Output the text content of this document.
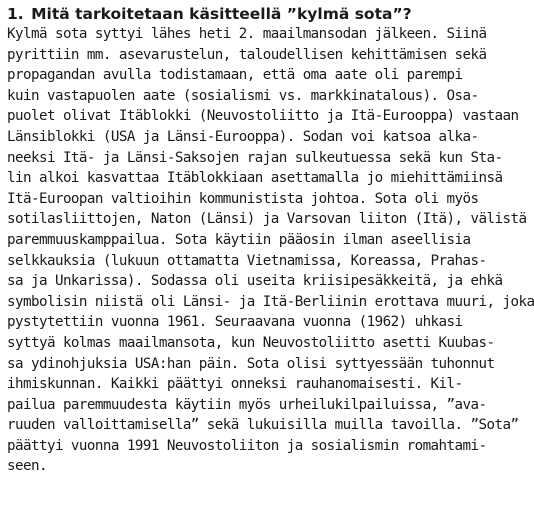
1. Mitä tarkoitetaan käsitteellä ”kylmä sota”?

Kylmä sota syttyi lähes heti 2. maailmansodan jälkeen. Siinä
pyrittiin mm. asevarustelun, taloudellisen kehittämisen sekä
propagandan avulla todistamaan, että oma aate oli parempi
kuin vastapuolen aate (sosialismi vs. markkinatalous). Osa-
puolet olivat Itäblokki (Neuvostoliitto ja Itä-Eurooppa) vastaan
Länsiblokki (USA ja Länsi-Eurooppa). Sodan voi katsoa alka-
neeksi Itä- ja Länsi-Saksojen rajan sulkeutuessa sekä kun Sta-
lin alkoi kasvattaa Itäblokkiaan asettamalla jo miehittämiinsä
Itä-Euroopan valtioihin kommunistista johtoa. Sota oli myös
sotilasliittojen, Naton (Länsi) ja Varsovan liiton (Itä), välistä
paremmuuskamppailua. Sota käytiin pääosin ilman aseellisia
selkkauksia (lukuun ottamatta Vietnamissa, Koreassa, Prahas-
sa ja Unkarissa). Sodassa oli useita kriisipesäkkeitä, ja ehkä
symbolisin niistä oli Länsi- ja Itä-Berliinin erottava muuri, joka
pystytettiin vuonna 1961. Seuraavana vuonna (1962) uhkasi
syttyä kolmas maailmansota, kun Neuvostoliitto asetti Kuubas-
sa ydinohjuksia USA:han päin. Sota olisi syttyessään tuhonnut
ihmiskunnan. Kaikki päättyi onneksi rauhanomaisesti. Kil-
pailua paremmuudesta käytiin myös urheilukilpailuissa, ”ava-
ruuden valloittamisella” sekä lukuisilla muilla tavoilla. ”Sota”
päättyi vuonna 1991 Neuvostoliiton ja sosialismin romahtami-
seen.
